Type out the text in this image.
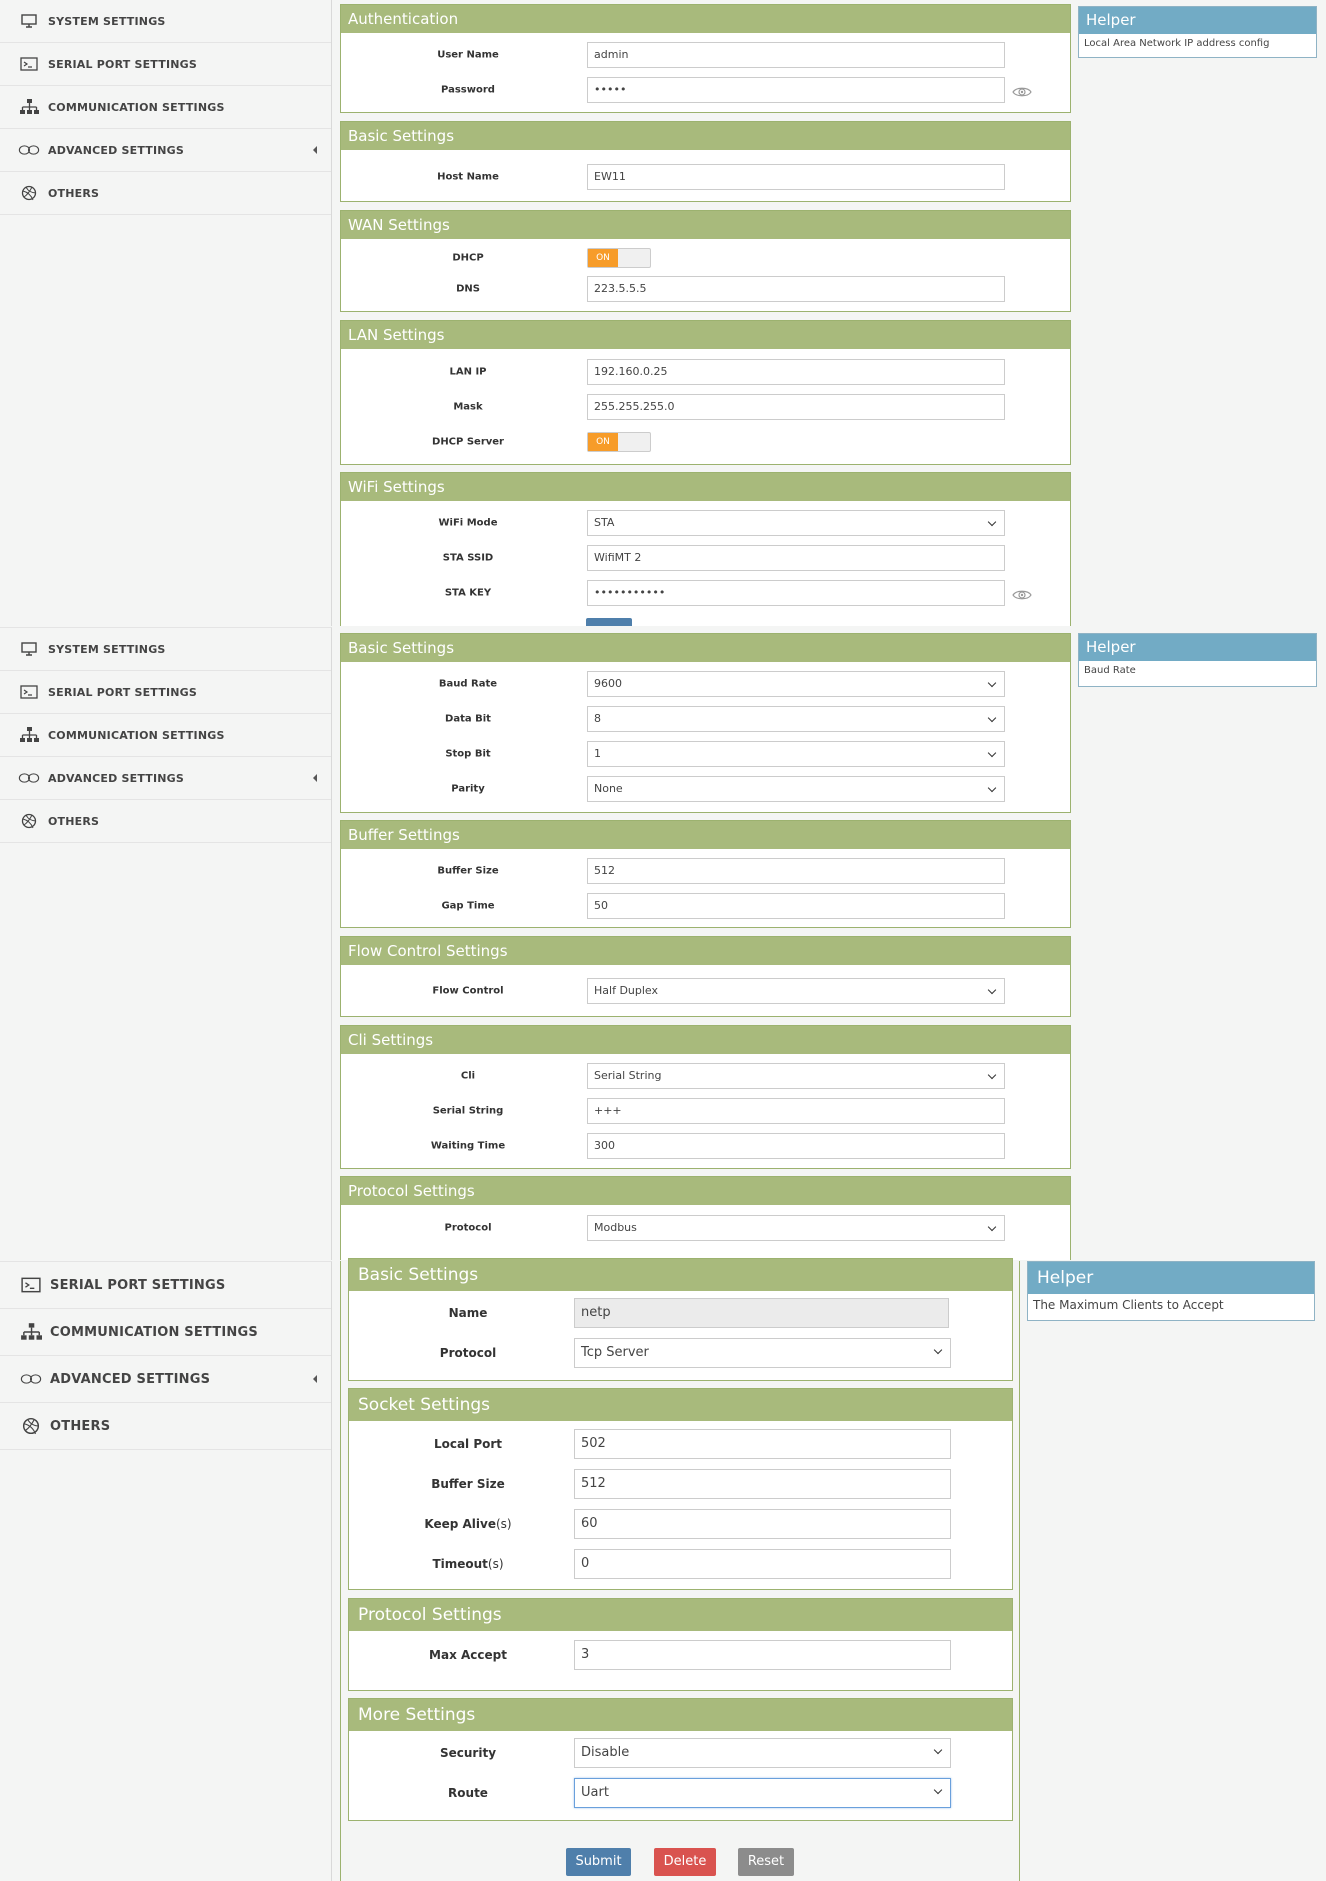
SYSTEM SETTINGS
SERIAL PORT SETTINGS
COMMUNICATION SETTINGS
ADVANCED SETTINGS
OTHERS
Authentication
User Name	admin
Password	•••••
Basic Settings
Host Name	EW11
WAN Settings
DHCP	ON
DNS	223.5.5.5
LAN Settings
LAN IP	192.160.0.25
Mask	255.255.255.0
DHCP Server	ON
WiFi Settings
WiFi Mode	STA
STA SSID	WifiMT 2
STA KEY	•••••••••••
Helper
Local Area Network IP address config
SYSTEM SETTINGS
SERIAL PORT SETTINGS
COMMUNICATION SETTINGS
ADVANCED SETTINGS
OTHERS
Basic Settings
Baud Rate	9600
Data Bit	8
Stop Bit	1
Parity	None
Buffer Settings
Buffer Size	512
Gap Time	50
Flow Control Settings
Flow Control	Half Duplex
Cli Settings
Cli	Serial String
Serial String	+++
Waiting Time	300
Protocol Settings
Protocol	Modbus
Helper
Baud Rate
SERIAL PORT SETTINGS
COMMUNICATION SETTINGS
ADVANCED SETTINGS
OTHERS
Basic Settings
Name	netp
Protocol	Tcp Server
Socket Settings
Local Port	502
Buffer Size	512
Keep Alive(s)	60
Timeout(s)	0
Protocol Settings
Max Accept	3
More Settings
Security	Disable
Route	Uart
Submit	Delete	Reset
Helper
The Maximum Clients to Accept
